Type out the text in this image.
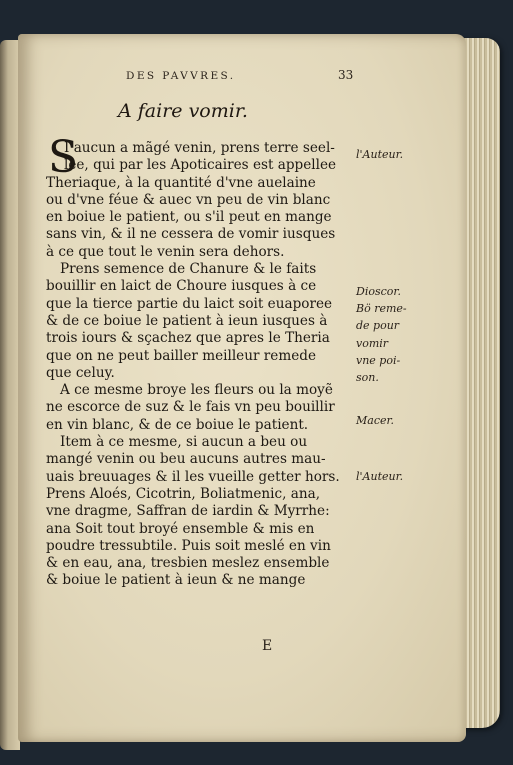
DES PAVVRES.	33
A faire vomir.
S
I aucun a mãgé venin, prens terre seel-
lee, qui par les Apoticaires est appellee
Theriaque, à la quantité d'vne auelaine
ou d'vne féue & auec vn peu de vin blanc
en boiue le patient, ou s'il peut en mange
sans vin, & il ne cessera de vomir iusques
à ce que tout le venin sera dehors.
Prens semence de Chanure & le faits
bouillir en laict de Choure iusques à ce
que la tierce partie du laict soit euaporee
& de ce boiue le patient à ieun iusques à
trois iours & sçachez que apres le Theria
que on ne peut bailler meilleur remede
que celuy.
A ce mesme broye les fleurs ou la moyẽ
ne escorce de suz & le fais vn peu bouillir
en vin blanc, & de ce boiue le patient.
Item à ce mesme, si aucun a beu ou
mangé venin ou beu aucuns autres mau-
uais breuuages & il les vueille getter hors.
Prens Aloés, Cicotrin, Boliatmenic, ana,
vne dragme, Saffran de iardin & Myrrhe:
ana Soit tout broyé ensemble & mis en
poudre tressubtile. Puis soit meslé en vin
& en eau, ana, tresbien meslez ensemble
& boiue le patient à ieun & ne mange
l'Auteur.
Dioscor.
Bö reme-
de pour
vomir
vne poi-
son.
Macer.
l'Auteur.
E
